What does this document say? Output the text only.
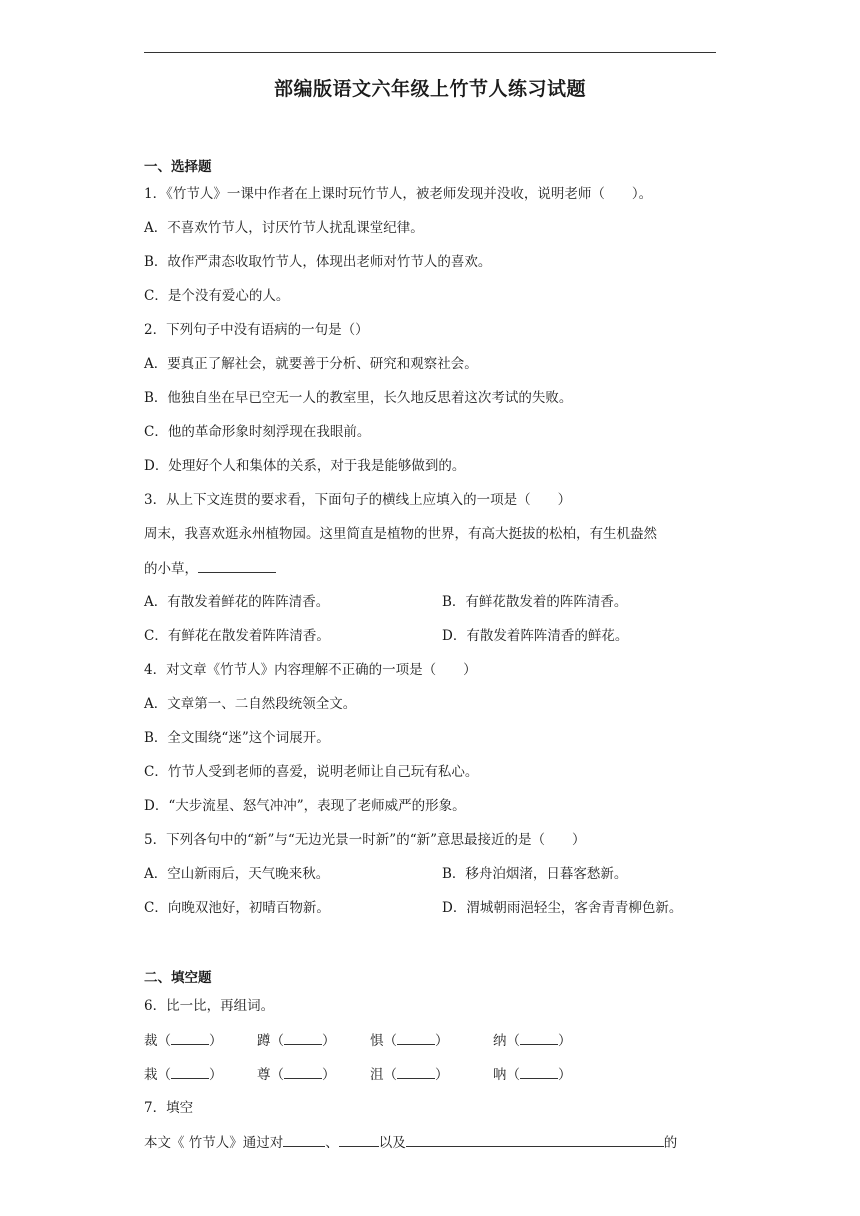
部编版语文六年级上竹节人练习试题
一、选择题
1．《竹节人》一课中作者在上课时玩竹节人，被老师发现并没收，说明老师（　　）。
A．不喜欢竹节人，讨厌竹节人扰乱课堂纪律。
B．故作严肃态收取竹节人，体现出老师对竹节人的喜欢。
C．是个没有爱心的人。
2．下列句子中没有语病的一句是（）
A．要真正了解社会，就要善于分析、研究和观察社会。
B．他独自坐在早已空无一人的教室里，长久地反思着这次考试的失败。
C．他的革命形象时刻浮现在我眼前。
D．处理好个人和集体的关系，对于我是能够做到的。
3．从上下文连贯的要求看，下面句子的横线上应填入的一项是（　　）
周末，我喜欢逛永州植物园。这里简直是植物的世界，有高大挺拔的松柏，有生机盎然
的小草，
A．有散发着鲜花的阵阵清香。	B．有鲜花散发着的阵阵清香。
C．有鲜花在散发着阵阵清香。	D．有散发着阵阵清香的鲜花。
4．对文章《竹节人》内容理解不正确的一项是（　　）
A．文章第一、二自然段统领全文。
B．全文围绕“迷”这个词展开。
C．竹节人受到老师的喜爱，说明老师让自己玩有私心。
D．“大步流星、怒气冲冲”，表现了老师威严的形象。
5．下列各句中的“新”与“无边光景一时新”的“新”意思最接近的是（　　）
A．空山新雨后，天气晚来秋。	B．移舟泊烟渚，日暮客愁新。
C．向晚双池好，初晴百物新。	D．渭城朝雨浥轻尘，客舍青青柳色新。
二、填空题
6．比一比，再组词。
裁（	）	蹲（	）	惧（	）	纳（	）
栽（	）	尊（	）	沮（	）	呐（	）
7．填空
本文《 竹节人》通过对	、	以及	的
